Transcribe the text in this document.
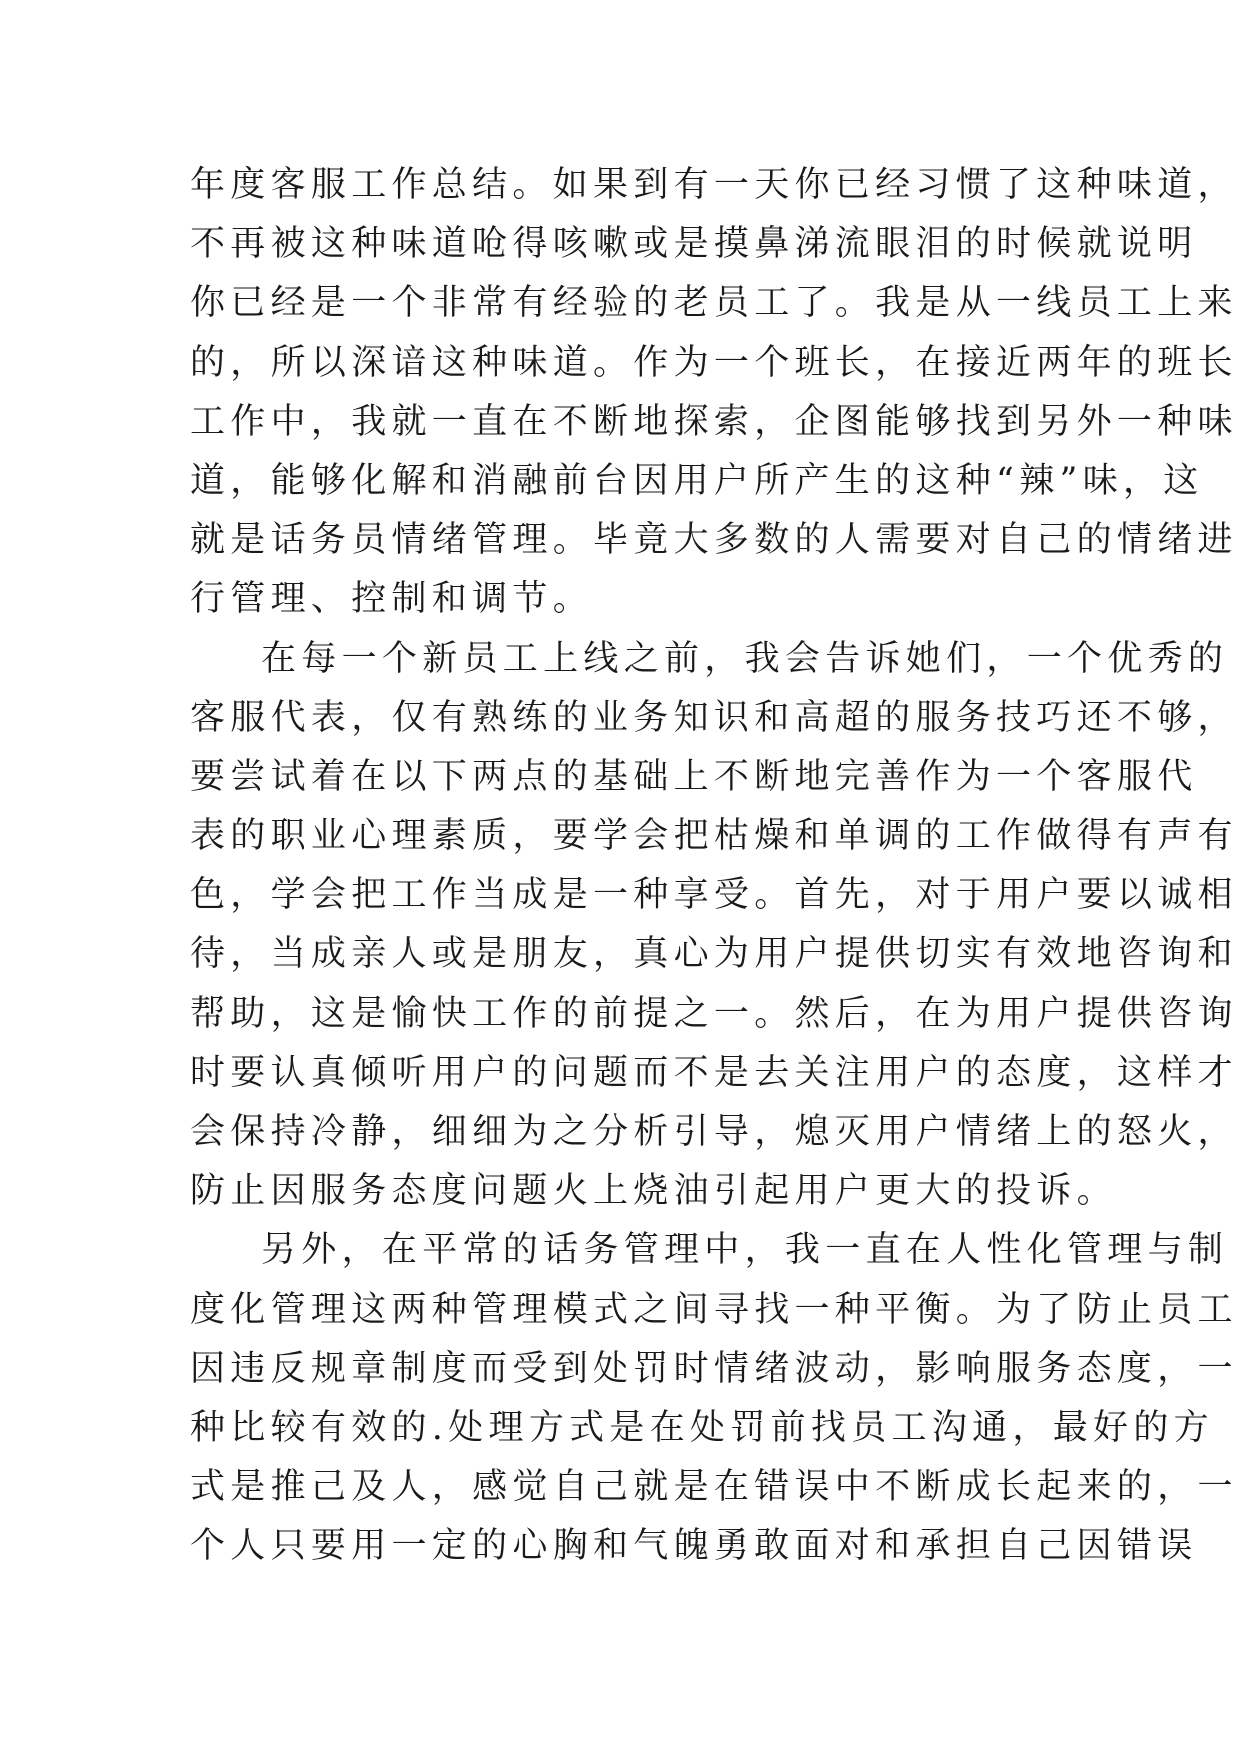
年度客服工作总结。如果到有一天你已经习惯了这种味道，
不再被这种味道呛得咳嗽或是摸鼻涕流眼泪的时候就说明
你已经是一个非常有经验的老员工了。我是从一线员工上来
的，所以深谙这种味道。作为一个班长，在接近两年的班长
工作中，我就一直在不断地探索，企图能够找到另外一种味
道，能够化解和消融前台因用户所产生的这种“辣”味，这
就是话务员情绪管理。毕竟大多数的人需要对自己的情绪进
行管理、控制和调节。
在每一个新员工上线之前，我会告诉她们，一个优秀的
客服代表，仅有熟练的业务知识和高超的服务技巧还不够，
要尝试着在以下两点的基础上不断地完善作为一个客服代
表的职业心理素质，要学会把枯燥和单调的工作做得有声有
色，学会把工作当成是一种享受。首先，对于用户要以诚相
待，当成亲人或是朋友，真心为用户提供切实有效地咨询和
帮助，这是愉快工作的前提之一。然后，在为用户提供咨询
时要认真倾听用户的问题而不是去关注用户的态度，这样才
会保持冷静，细细为之分析引导，熄灭用户情绪上的怒火，
防止因服务态度问题火上烧油引起用户更大的投诉。
另外，在平常的话务管理中，我一直在人性化管理与制
度化管理这两种管理模式之间寻找一种平衡。为了防止员工
因违反规章制度而受到处罚时情绪波动，影响服务态度，一
种比较有效的.处理方式是在处罚前找员工沟通，最好的方
式是推己及人，感觉自己就是在错误中不断成长起来的，一
个人只要用一定的心胸和气魄勇敢面对和承担自己因错误
